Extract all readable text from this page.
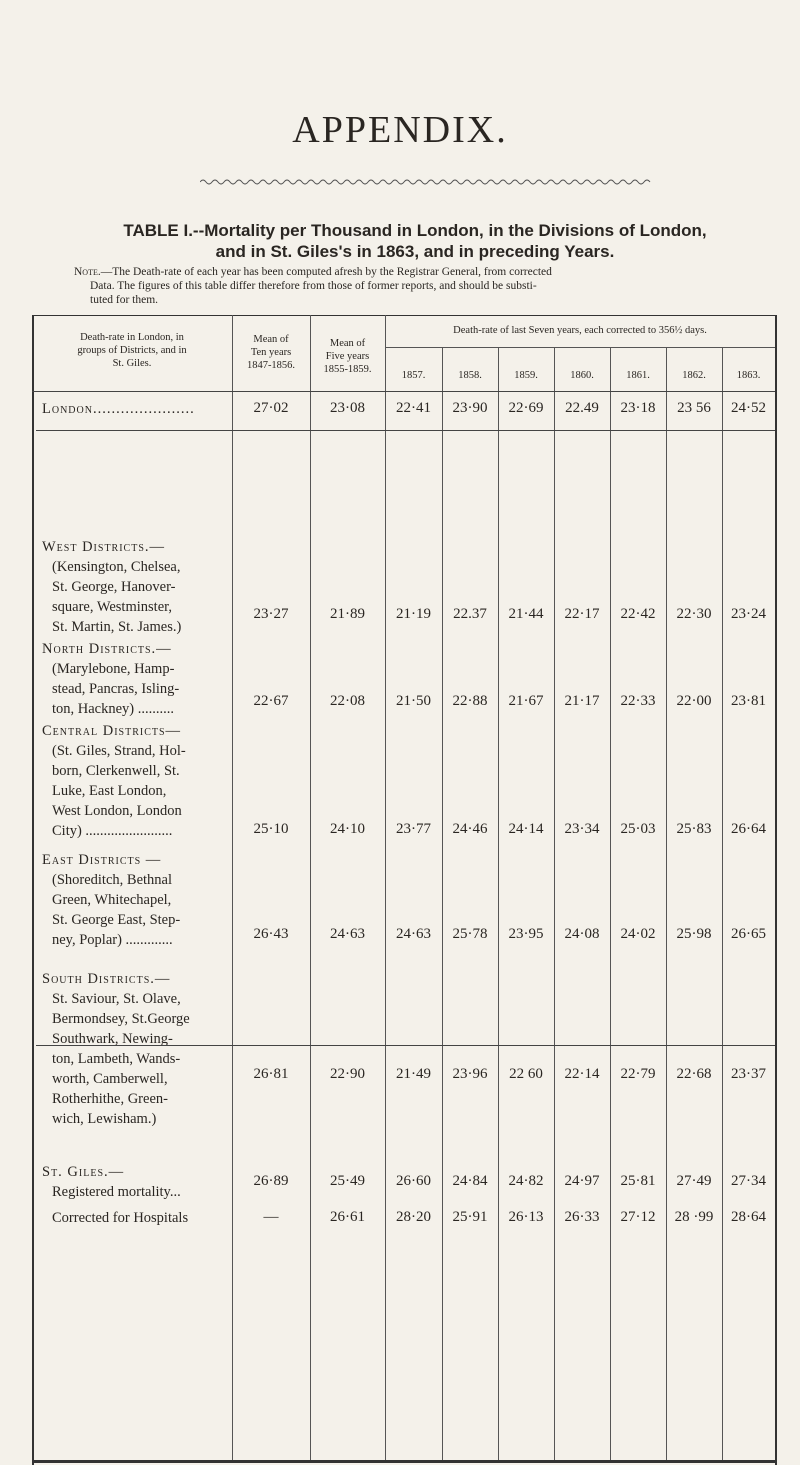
APPENDIX.
TABLE I.--Mortality per Thousand in London, in the Divisions of London,
and in St. Giles's in 1863, and in preceding Years.
Note.—The Death-rate of each year has been computed afresh by the Registrar General, from corrected
Data. The figures of this table differ therefore from those of former reports, and should be substi-
tuted for them.
Death-rate in London, in
groups of Districts, and in
St. Giles.
Mean of
Ten years
1847-1856.
Mean of
Five years
1855-1859.
Death-rate of last Seven years, each corrected to 356½ days.
1857.	1858.	1859.	1860.	1861.	1862.	1863.
London......................	27·02	23·08	22·41	23·90	22·69	22.49	23·18	23 56	24·52
West Districts.—
(Kensington, Chelsea,
St. George, Hanover-
square, Westminster,
St. Martin, St. James.)
23·27	21·89	21·19	22.37	21·44	22·17	22·42	22·30	23·24
North Districts.—
(Marylebone, Hamp-
stead, Pancras, Isling-
ton, Hackney) ..........	22·67	22·08	21·50	22·88	21·67	21·17	22·33	22·00	23·81
Central Districts—
(St. Giles, Strand, Hol-
born, Clerkenwell, St.
Luke, East London,
West London, London
City) ........................	25·10	24·10	23·77	24·46	24·14	23·34	25·03	25·83	26·64
East Districts —
(Shoreditch, Bethnal
Green, Whitechapel,
St. George East, Step-
ney, Poplar) .............	26·43	24·63	24·63	25·78	23·95	24·08	24·02	25·98	26·65
South Districts.—
St. Saviour, St. Olave,
Bermondsey, St.George
Southwark, Newing-
ton, Lambeth, Wands-
worth, Camberwell,
Rotherhithe, Green-
wich, Lewisham.)
26·81	22·90	21·49	23·96	22 60	22·14	22·79	22·68	23·37
St. Giles.—
Registered mortality...
26·89	25·49	26·60	24·84	24·82	24·97	25·81	27·49	27·34
Corrected for Hospitals	—	26·61	28·20	25·91	26·13	26·33	27·12	28 ·99	28·64
